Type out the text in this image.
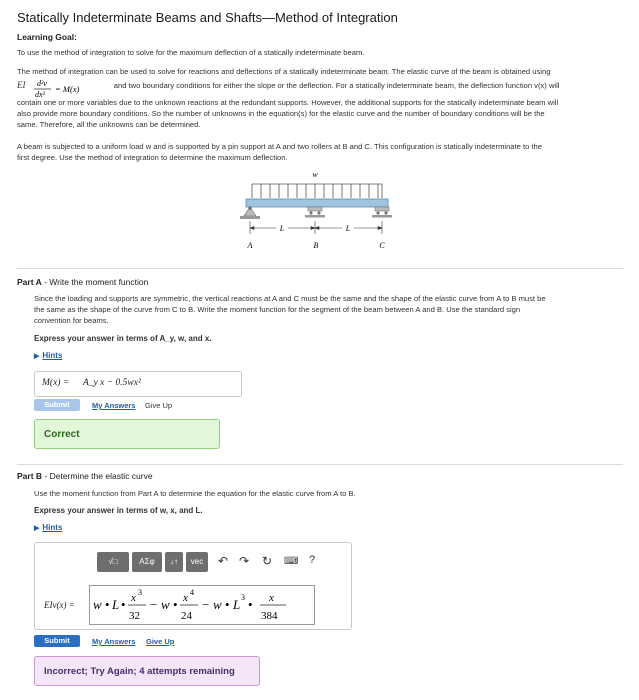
Statically Indeterminate Beams and Shafts—Method of Integration
Learning Goal:
To use the method of integration to solve for the maximum deflection of a statically indeterminate beam.
The method of integration can be used to solve for reactions and deflections of a statically indeterminate beam. The elastic curve of the beam is obtained using
EI d²v
dx²
= M(x)	and two boundary conditions for either the slope or the deflection. For a statically indeterminate beam, the deflection function v(x) will
contain one or more variables due to the unknown reactions at the redundant supports. However, the additional supports for the statically indeterminate beam will
also provide more boundary conditions. So the number of unknowns in the equation(s) for the elastic curve and the number of boundary conditions will be the
same. Therefore, all the unknowns can be determined.
A beam is subjected to a uniform load w and is supported by a pin support at A and two rollers at B and C. This configuration is statically indeterminate to the
first degree. Use the method of integration to determine the maximum deflection.
w
L	L
A	B	C
Part A - Write the moment function
Since the loading and supports are symmetric, the vertical reactions at A and C must be the same and the shape of the elastic curve from A to B must be
the same as the shape of the curve from C to B. Write the moment function for the segment of the beam between A and B. Use the standard sign
convention for beams.
Express your answer in terms of A_y, w, and x.
▶ Hints
M(x) = A_y x − 0.5wx²
Submit	My Answers Give Up
Correct
Part B - Determine the elastic curve
Use the moment function from Part A to determine the equation for the elastic curve from A to B.
Express your answer in terms of w, x, and L.
▶ Hints
√□	AΣφ	↓↑	vec	↶ ↷ ↻ ⌨ ?
EIv(x) = w • L • x 3
32
− w • x 4
24
− w • L 3 • x
384
Submit	My Answers Give Up
Incorrect; Try Again; 4 attempts remaining
